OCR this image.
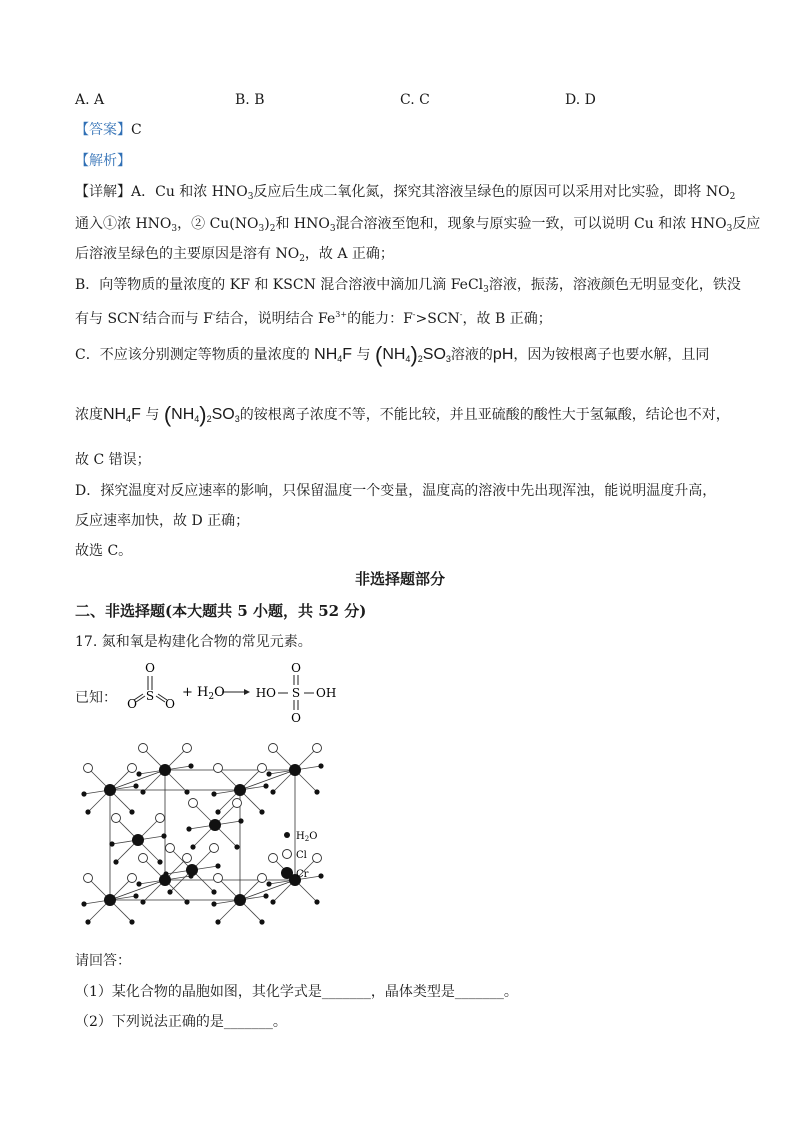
A. A	B. B	C. C	D. D
【答案】C
【解析】
【详解】A．Cu 和浓 $HNO_3$反应后生成二氧化氮，探究其溶液呈绿色的原因可以采用对比实验，即将 $NO_2$
通入①浓 $HNO_3$，② $Cu(NO_3)_2$和 $HNO_3$混合溶液至饱和，现象与原实验一致，可以说明 Cu 和浓 $HNO_3$反应
后溶液呈绿色的主要原因是溶有 $NO_2$，故 A 正确；
B．向等物质的量浓度的 KF 和 KSCN 混合溶液中滴加几滴 FeCl$_3$溶液，振荡，溶液颜色无明显变化，铁没
有与 SCN-结合而与 F-结合，说明结合 $Fe^{3+}$的能力：F->SCN-，故 B 正确；
C．不应该分别测定等物质的量浓度的 $NH_4F$ 与 $(NH_4)_2SO_3$溶液的pH，因为铵根离子也要水解，且同
浓度$NH_4F$ 与 $(NH_4)_2SO_3$的铵根离子浓度不等，不能比较，并且亚硫酸的酸性大于氢氟酸，结论也不对，
故 C 错误；
D．探究温度对反应速率的影响，只保留温度一个变量，温度高的溶液中先出现浑浊，能说明温度升高，
反应速率加快，故 D 正确；
故选 C。
非选择题部分
二、非选择题(本大题共 5 小题，共 52 分)
17. 氮和氧是构建化合物的常见元素。
已知：
O
S
O O
+ $H_2O$	HO S OH
O
O
$H_2O$
Cl
Cr
请回答：
（1）某化合物的晶胞如图，其化学式是_______，晶体类型是_______。
（2）下列说法正确的是_______。
